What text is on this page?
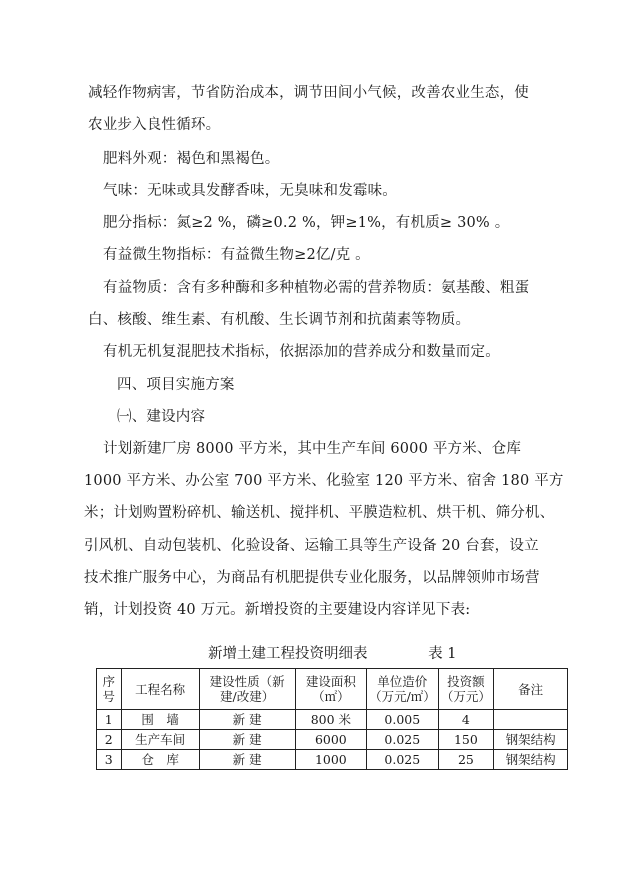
减轻作物病害，节省防治成本，调节田间小气候，改善农业生态，使
农业步入良性循环。
肥料外观：褐色和黑褐色。
气味：无味或具发酵香味，无臭味和发霉味。
肥分指标：氮≥2 %，磷≥0.2 %，钾≥1%，有机质≥ 30% 。
有益微生物指标：有益微生物≥2亿/克 。
有益物质：含有多种酶和多种植物必需的营养物质：氨基酸、粗蛋
白、核酸、维生素、有机酸、生长调节剂和抗菌素等物质。
有机无机复混肥技术指标，依据添加的营养成分和数量而定。
四、项目实施方案
㈠、建设内容
计划新建厂房 8000 平方米，其中生产车间 6000 平方米、仓库
1000 平方米、办公室 700 平方米、化验室 120 平方米、宿舍 180 平方
米；计划购置粉碎机、输送机、搅拌机、平膜造粒机、烘干机、筛分机、
引风机、自动包装机、化验设备、运输工具等生产设备 20 台套，设立
技术推广服务中心，为商品有机肥提供专业化服务，以品牌领帅市场营
销，计划投资 40 万元。新增投资的主要建设内容详见下表:
新增土建工程投资明细表	表 1
序号	工程名称	建设性质（新建/改建）	建设面积（㎡）	单位造价（万元/㎡）	投资额（万元）	备注
1	围　墙	新 建	800 米	0.005	4	
2	生产车间	新 建	6000	0.025	150	钢架结构
3	仓　库	新 建	1000	0.025	25	钢架结构
